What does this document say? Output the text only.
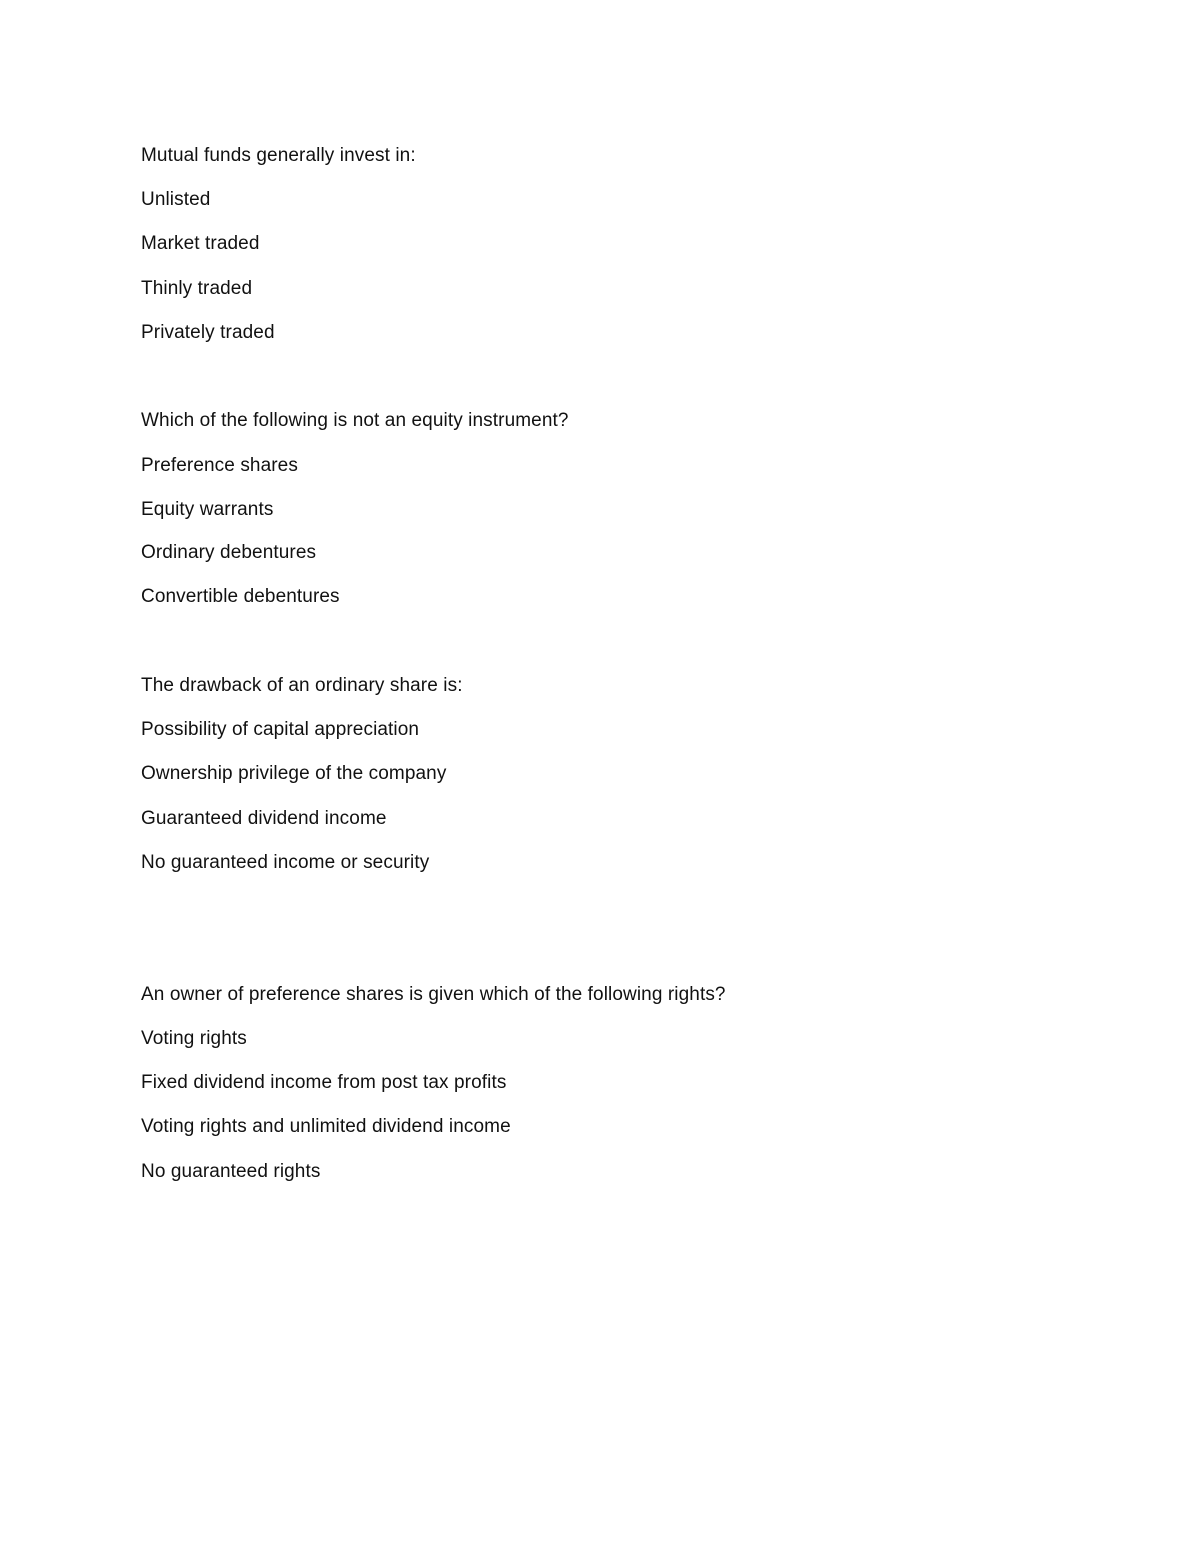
Mutual funds generally invest in:
Unlisted
Market traded
Thinly traded
Privately traded
Which of the following is not an equity instrument?
Preference shares
Equity warrants
Ordinary debentures
Convertible debentures
The drawback of an ordinary share is:
Possibility of capital appreciation
Ownership privilege of the company
Guaranteed dividend income
No guaranteed income or security
An owner of preference shares is given which of the following rights?
Voting rights
Fixed dividend income from post tax profits
Voting rights and unlimited dividend income
No guaranteed rights
